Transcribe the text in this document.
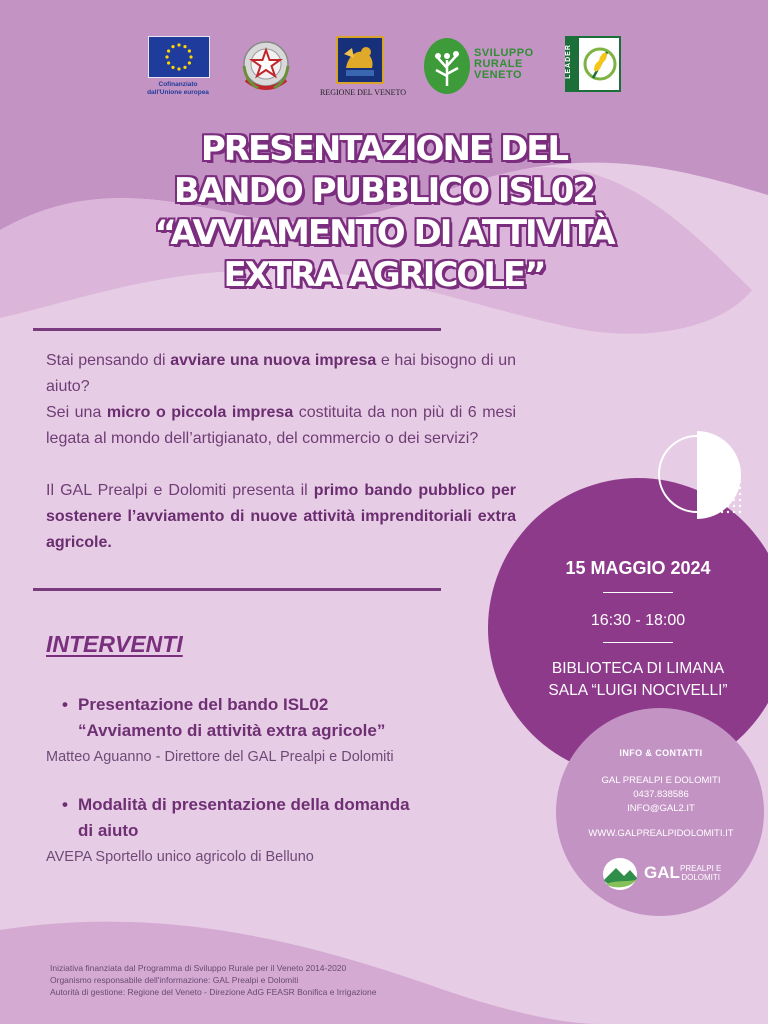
Cofinanziato
dall'Unione europea	REGIONE DEL VENETO
SVILUPPO
RURALE
VENETO	LEADER
PRESENTAZIONE DEL
BANDO PUBBLICO ISL02
“AVVIAMENTO DI ATTIVITÀ
EXTRA AGRICOLE”

Stai pensando di avviare una nuova impresa e hai bisogno di un aiuto?

Sei una micro o piccola impresa costituita da non più di 6 mesi legata al mondo dell’artigianato, del commercio o dei servizi?

Il GAL Prealpi e Dolomiti presenta il primo bando pubblico per sostenere l’avviamento di nuove attività imprenditoriali extra agricole.

INTERVENTI
• Presentazione del bando ISL02
“Avviamento di attività extra agricole”
Matteo Aguanno - Direttore del GAL Prealpi e Dolomiti
• Modalità di presentazione della domanda
di aiuto
AVEPA Sportello unico agricolo di Belluno
15 MAGGIO 2024
16:30 - 18:00
BIBLIOTECA DI LIMANA
SALA “LUIGI NOCIVELLI”
INFO & CONTATTI
GAL PREALPI E DOLOMITI
0437.838586
INFO@GAL2.IT
WWW.GALPREALPIDOLOMITI.IT
GAL PREALPI E
DOLOMITI
Iniziativa finanziata dal Programma di Sviluppo Rurale per il Veneto 2014-2020
Organismo responsabile dell'informazione: GAL Prealpi e Dolomiti
Autorità di gestione: Regione del Veneto - Direzione AdG FEASR Bonifica e Irrigazione
